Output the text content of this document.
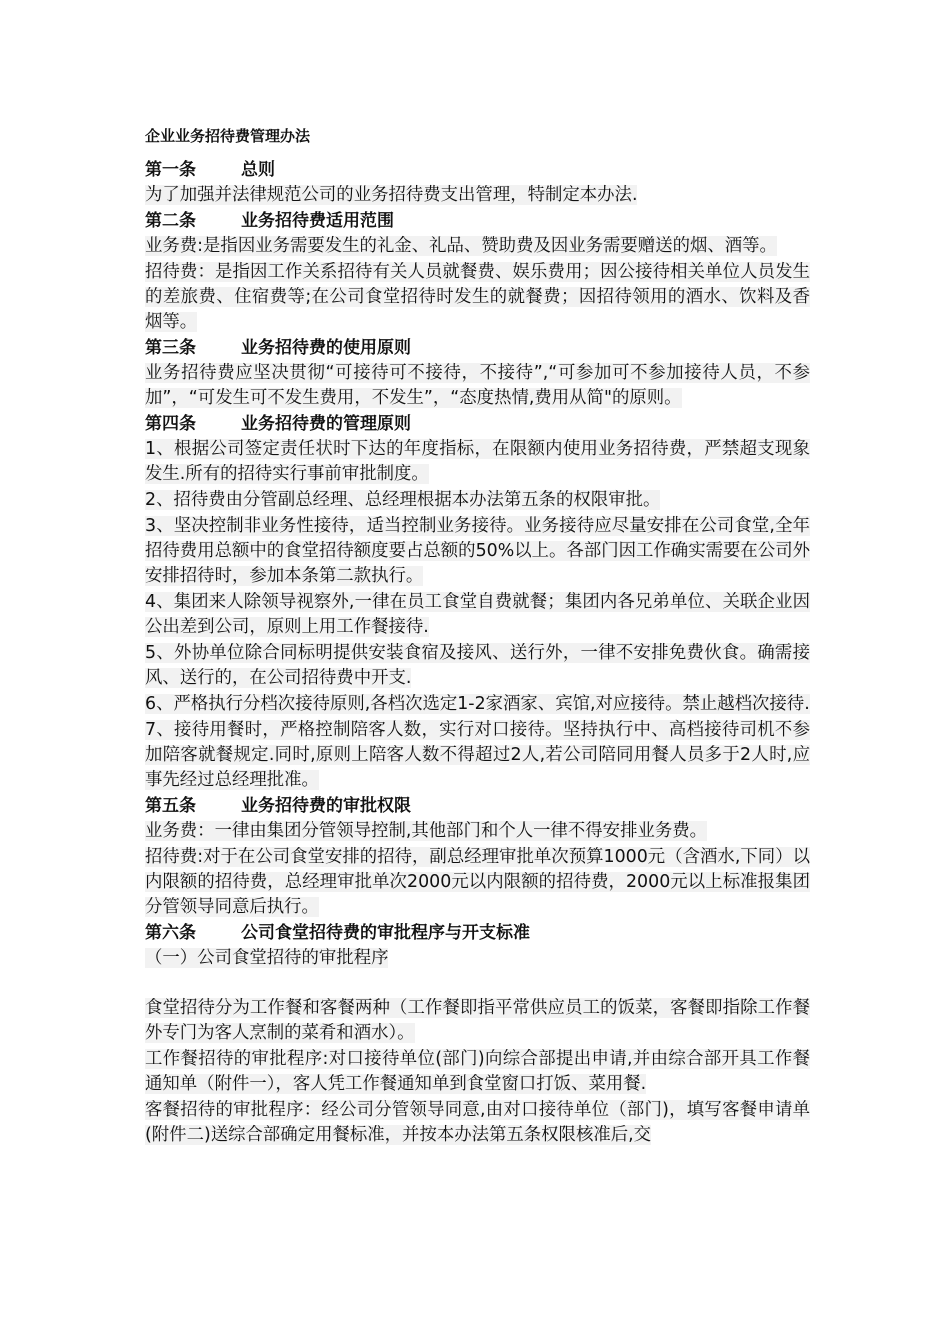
企业业务招待费管理办法
第一条	总则

为了加强并法律规范公司的业务招待费支出管理，特制定本办法.

第二条	业务招待费适用范围

业务费:是指因业务需要发生的礼金、礼品、赞助费及因业务需要赠送的烟、酒等。

招待费：是指因工作关系招待有关人员就餐费、娱乐费用；因公接待相关单位人员发生的差旅费、住宿费等;在公司食堂招待时发生的就餐费；因招待领用的酒水、饮料及香烟等。

第三条	业务招待费的使用原则

业务招待费应坚决贯彻“可接待可不接待，不接待”,“可参加可不参加接待人员，不参加”，“可发生可不发生费用，不发生”，“态度热情,费用从简"的原则。

第四条	业务招待费的管理原则

1、根据公司签定责任状时下达的年度指标，在限额内使用业务招待费，严禁超支现象发生.所有的招待实行事前审批制度。

2、招待费由分管副总经理、总经理根据本办法第五条的权限审批。

3、坚决控制非业务性接待，适当控制业务接待。业务接待应尽量安排在公司食堂,全年招待费用总额中的食堂招待额度要占总额的50%以上。各部门因工作确实需要在公司外安排招待时，参加本条第二款执行。

4、集团来人除领导视察外,一律在员工食堂自费就餐；集团内各兄弟单位、关联企业因公出差到公司，原则上用工作餐接待.

5、外协单位除合同标明提供安装食宿及接风、送行外，一律不安排免费伙食。确需接风、送行的，在公司招待费中开支.

6、严格执行分档次接待原则,各档次选定1-2家酒家、宾馆,对应接待。禁止越档次接待.

7、接待用餐时，严格控制陪客人数，实行对口接待。坚持执行中、高档接待司机不参加陪客就餐规定.同时,原则上陪客人数不得超过2人,若公司陪同用餐人员多于2人时,应事先经过总经理批准。

第五条	业务招待费的审批权限

业务费：一律由集团分管领导控制,其他部门和个人一律不得安排业务费。

招待费:对于在公司食堂安排的招待，副总经理审批单次预算1000元（含酒水,下同）以内限额的招待费，总经理审批单次2000元以内限额的招待费，2000元以上标准报集团分管领导同意后执行。

第六条	公司食堂招待费的审批程序与开支标准
（一）公司食堂招待的审批程序

食堂招待分为工作餐和客餐两种（工作餐即指平常供应员工的饭菜，客餐即指除工作餐外专门为客人烹制的菜肴和酒水）。

工作餐招待的审批程序:对口接待单位(部门)向综合部提出申请,并由综合部开具工作餐通知单（附件一），客人凭工作餐通知单到食堂窗口打饭、菜用餐.

客餐招待的审批程序：经公司分管领导同意,由对口接待单位（部门)，填写客餐申请单(附件二)送综合部确定用餐标准，并按本办法第五条权限核准后,交
